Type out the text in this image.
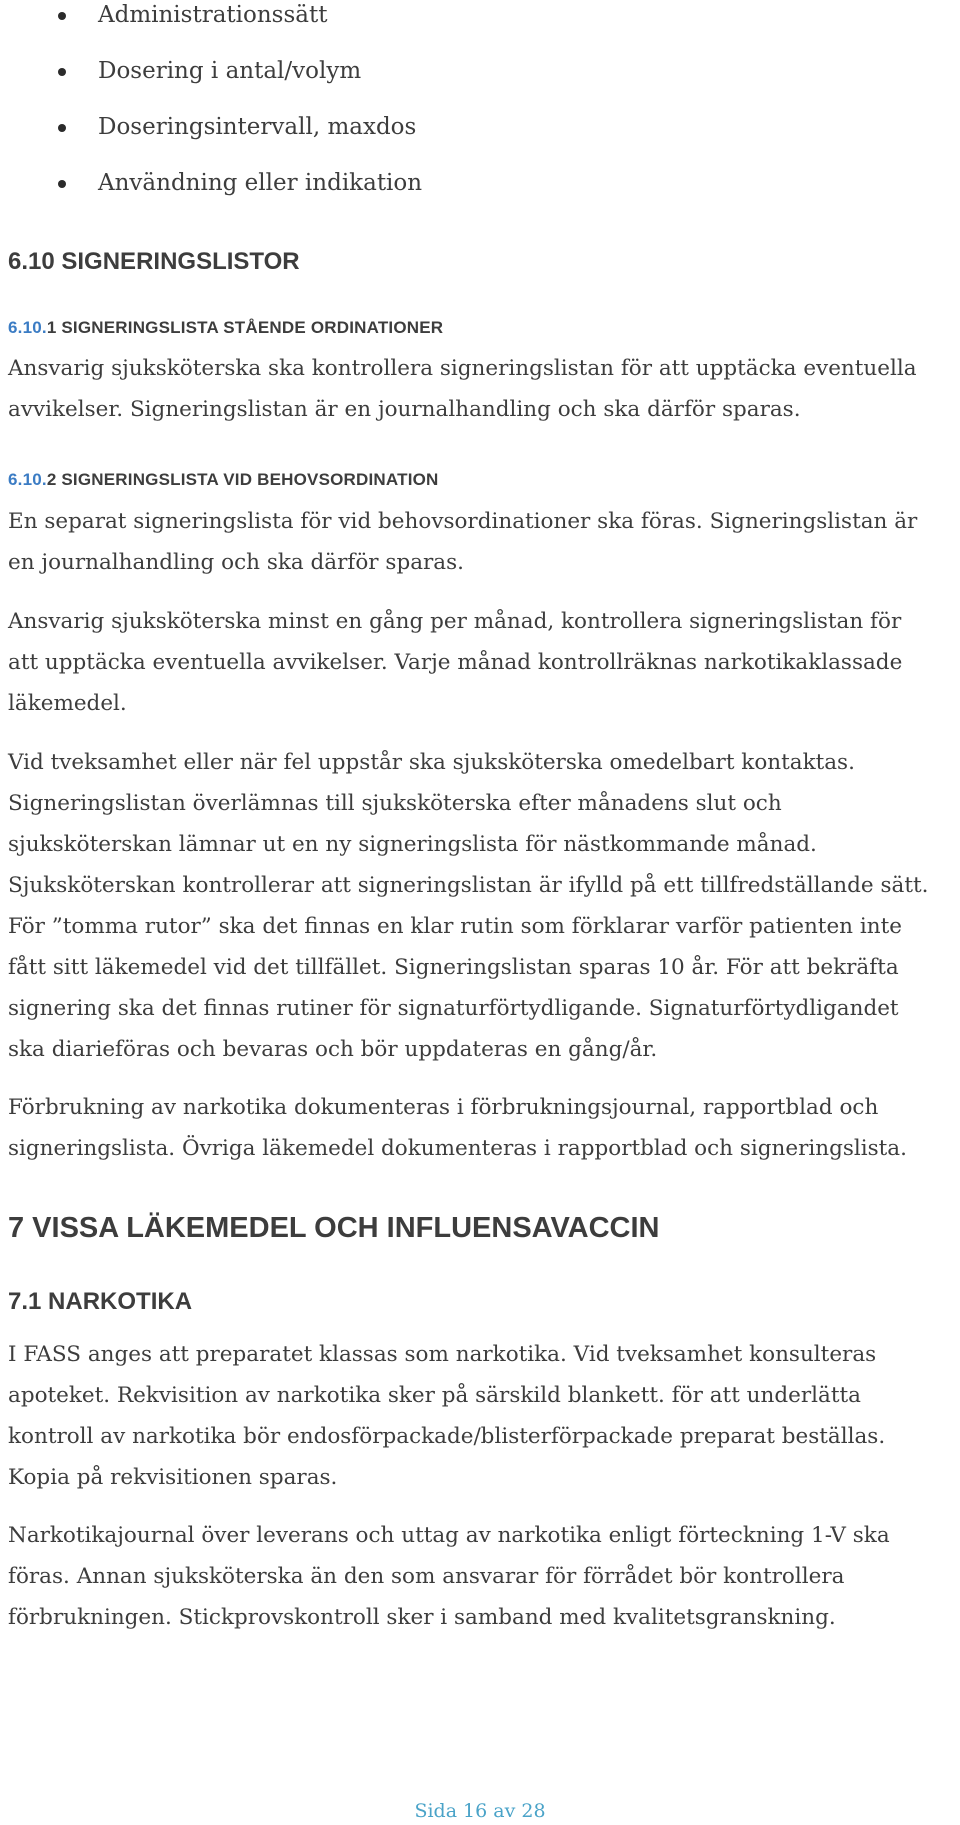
Administrationssätt
Dosering i antal/volym
Doseringsintervall, maxdos
Användning eller indikation
6.10 SIGNERINGSLISTOR
6.10.1 SIGNERINGSLISTA STÅENDE ORDINATIONER
Ansvarig sjuksköterska ska kontrollera signeringslistan för att upptäcka eventuella
avvikelser. Signeringslistan är en journalhandling och ska därför sparas.
6.10.2 SIGNERINGSLISTA VID BEHOVSORDINATION
En separat signeringslista för vid behovsordinationer ska föras. Signeringslistan är
en journalhandling och ska därför sparas.
Ansvarig sjuksköterska minst en gång per månad, kontrollera signeringslistan för
att upptäcka eventuella avvikelser. Varje månad kontrollräknas narkotikaklassade
läkemedel.
Vid tveksamhet eller när fel uppstår ska sjuksköterska omedelbart kontaktas.
Signeringslistan överlämnas till sjuksköterska efter månadens slut och
sjuksköterskan lämnar ut en ny signeringslista för nästkommande månad.
Sjuksköterskan kontrollerar att signeringslistan är ifylld på ett tillfredställande sätt.
För ”tomma rutor” ska det finnas en klar rutin som förklarar varför patienten inte
fått sitt läkemedel vid det tillfället. Signeringslistan sparas 10 år. För att bekräfta
signering ska det finnas rutiner för signaturförtydligande. Signaturförtydligandet
ska diarieföras och bevaras och bör uppdateras en gång/år.
Förbrukning av narkotika dokumenteras i förbrukningsjournal, rapportblad och
signeringslista. Övriga läkemedel dokumenteras i rapportblad och signeringslista.
7 VISSA LÄKEMEDEL OCH INFLUENSAVACCIN
7.1 NARKOTIKA
I FASS anges att preparatet klassas som narkotika. Vid tveksamhet konsulteras
apoteket. Rekvisition av narkotika sker på särskild blankett. för att underlätta
kontroll av narkotika bör endosförpackade/blisterförpackade preparat beställas.
Kopia på rekvisitionen sparas.
Narkotikajournal över leverans och uttag av narkotika enligt förteckning 1-V ska
föras. Annan sjuksköterska än den som ansvarar för förrådet bör kontrollera
förbrukningen. Stickprovskontroll sker i samband med kvalitetsgranskning.
Sida 16 av 28
